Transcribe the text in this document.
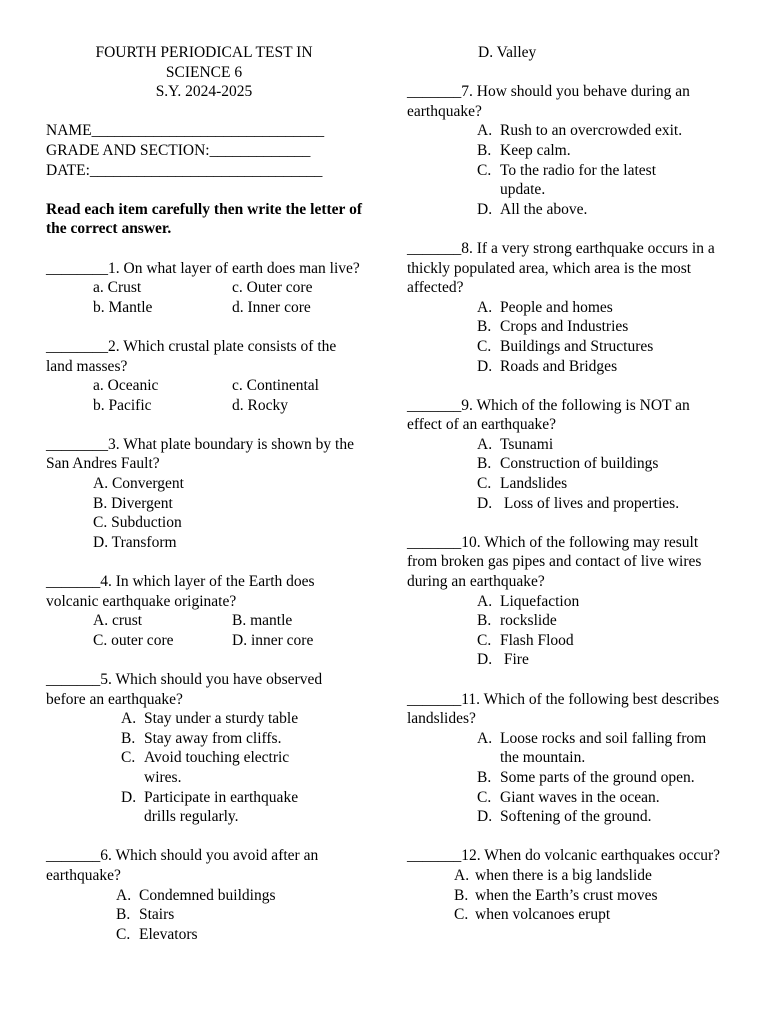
FOURTH PERIODICAL TEST IN
SCIENCE 6
S.Y. 2024-2025
NAME______________________________
GRADE AND SECTION:_____________
DATE:______________________________
Read each item carefully then write the letter of the correct answer.
________1. On what layer of earth does man live?
a. Crust	c. Outer core
b. Mantle	d. Inner core
________2. Which crustal plate consists of the land masses?
a. Oceanic	c. Continental
b. Pacific	d. Rocky
________3. What plate boundary is shown by the San Andres Fault?
A. Convergent
B. Divergent
C. Subduction
D. Transform
_______4. In which layer of the Earth does volcanic earthquake originate?
A. crust	B. mantle
C. outer core	D. inner core
_______5. Which should you have observed before an earthquake?
A. Stay under a sturdy table
B. Stay away from cliffs.
C. Avoid touching electric wires.
D. Participate in earthquake drills regularly.
_______6. Which should you avoid after an earthquake?
A. Condemned buildings
B. Stairs
C. Elevators
D. Valley
_______7. How should you behave during an earthquake?
A. Rush to an overcrowded exit.
B. Keep calm.
C. To the radio for the latest update.
D. All the above.
_______8. If a very strong earthquake occurs in a thickly populated area, which area is the most affected?
A. People and homes
B. Crops and Industries
C. Buildings and Structures
D. Roads and Bridges
_______9. Which of the following is NOT an effect of an earthquake?
A. Tsunami
B. Construction of buildings
C. Landslides
D. Loss of lives and properties.
_______10. Which of the following may result from broken gas pipes and contact of live wires during an earthquake?
A. Liquefaction
B. rockslide
C. Flash Flood
D. Fire
_______11. Which of the following best describes landslides?
A. Loose rocks and soil falling from the mountain.
B. Some parts of the ground open.
C. Giant waves in the ocean.
D. Softening of the ground.
_______12. When do volcanic earthquakes occur?
A. when there is a big landslide
B. when the Earth’s crust moves
C. when volcanoes erupt
